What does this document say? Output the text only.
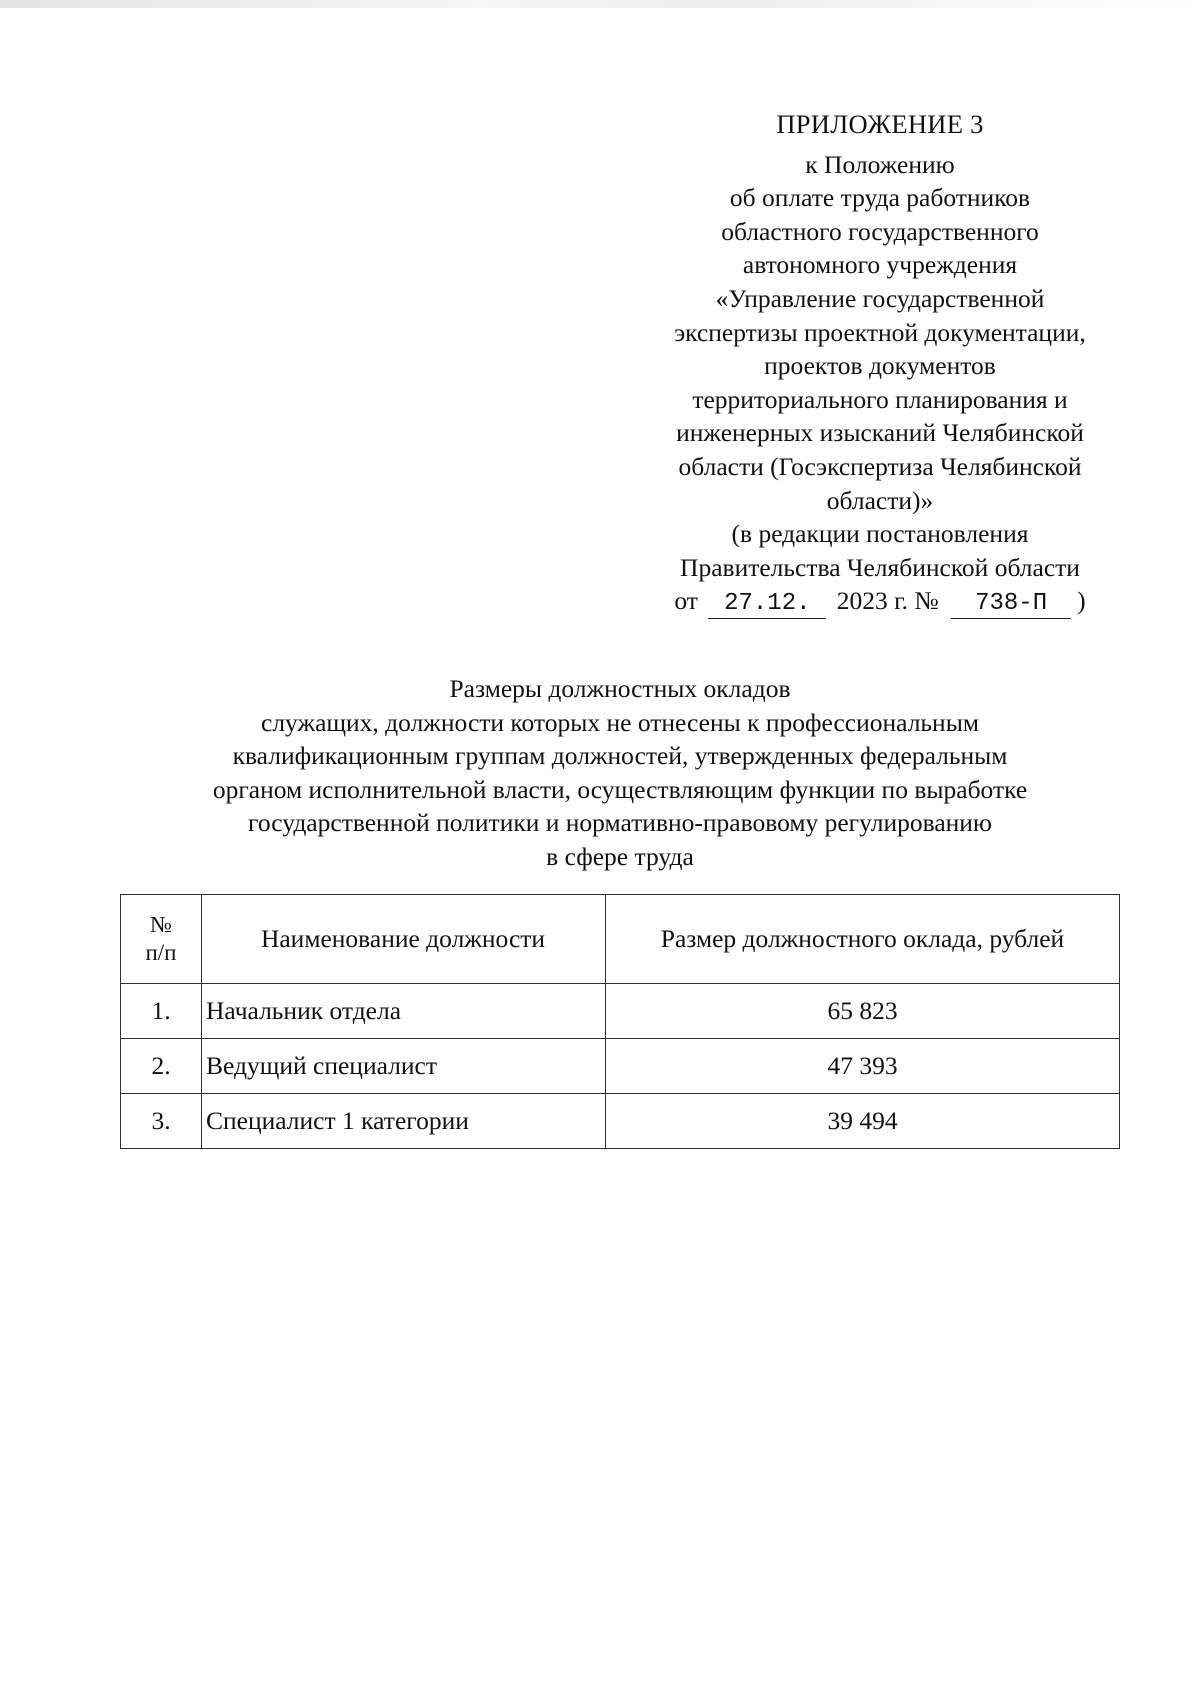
ПРИЛОЖЕНИЕ 3
к Положению
об оплате труда работников
областного государственного
автономного учреждения
«Управление государственной
экспертизы проектной документации,
проектов документов
территориального планирования и
инженерных изысканий Челябинской
области (Госэкспертиза Челябинской
области)»
(в редакции постановления
Правительства Челябинской области
от 27.12. 2023 г. № 738-П )
Размеры должностных окладов
служащих, должности которых не отнесены к профессиональным
квалификационным группам должностей, утвержденных федеральным
органом исполнительной власти, осуществляющим функции по выработке
государственной политики и нормативно-правовому регулированию
в сфере труда
№
п/п	Наименование должности	Размер должностного оклада, рублей
1.	Начальник отдела	65 823
2.	Ведущий специалист	47 393
3.	Специалист 1 категории	39 494
